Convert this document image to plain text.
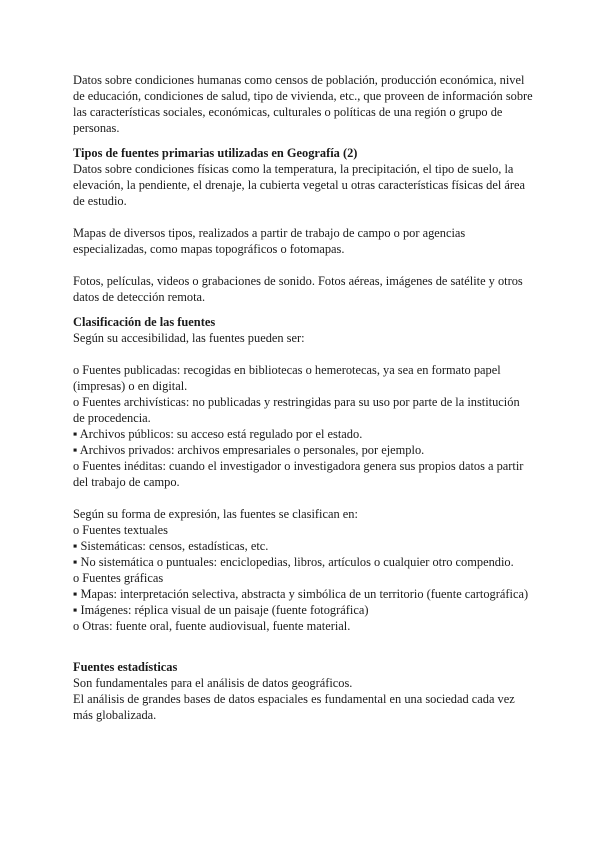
Datos sobre condiciones humanas como censos de población, producción económica, nivel de educación, condiciones de salud, tipo de vivienda, etc., que proveen de información sobre las características sociales, económicas, culturales o políticas de una región o grupo de personas.

Tipos de fuentes primarias utilizadas en Geografía (2)

Datos sobre condiciones físicas como la temperatura, la precipitación, el tipo de suelo, la elevación, la pendiente, el drenaje, la cubierta vegetal u otras características físicas del área de estudio.

Mapas de diversos tipos, realizados a partir de trabajo de campo o por agencias especializadas, como mapas topográficos o fotomapas.

Fotos, películas, videos o grabaciones de sonido. Fotos aéreas, imágenes de satélite y otros datos de detección remota.

Clasificación de las fuentes

Según su accesibilidad, las fuentes pueden ser:

o Fuentes publicadas: recogidas en bibliotecas o hemerotecas, ya sea en formato papel (impresas) o en digital.

o Fuentes archivísticas: no publicadas y restringidas para su uso por parte de la institución de procedencia.

▪ Archivos públicos: su acceso está regulado por el estado.

▪ Archivos privados: archivos empresariales o personales, por ejemplo.

o Fuentes inéditas: cuando el investigador o investigadora genera sus propios datos a partir del trabajo de campo.

Según su forma de expresión, las fuentes se clasifican en:

o Fuentes textuales

▪ Sistemáticas: censos, estadísticas, etc.

▪ No sistemática o puntuales: enciclopedias, libros, artículos o cualquier otro compendio.

o Fuentes gráficas

▪ Mapas: interpretación selectiva, abstracta y simbólica de un territorio (fuente cartográfica)

▪ Imágenes: réplica visual de un paisaje (fuente fotográfica)

o Otras: fuente oral, fuente audiovisual, fuente material.

Fuentes estadísticas

Son fundamentales para el análisis de datos geográficos.

El análisis de grandes bases de datos espaciales es fundamental en una sociedad cada vez más globalizada.
